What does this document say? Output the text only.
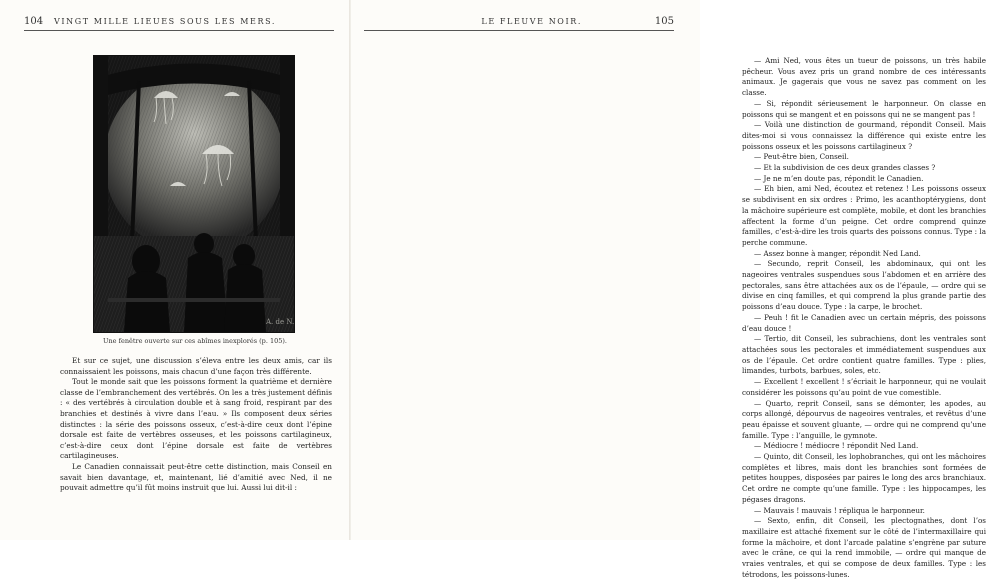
104 VINGT MILLE LIEUES SOUS LES MERS.
A. de N.
Une fenêtre ouverte sur ces abîmes inexplorés (p. 105).

Et sur ce sujet, une discussion s’éleva entre les deux amis, car ils connaissaient les poissons, mais chacun d’une façon très différente.

Tout le monde sait que les poissons forment la quatrième et dernière classe de l’embranchement des vertébrés. On les a très justement définis : « des vertébrés à circulation double et à sang froid, respirant par des branchies et destinés à vivre dans l’eau. » Ils composent deux séries distinctes : la série des poissons osseux, c’est-à-dire ceux dont l’épine dorsale est faite de vertèbres osseuses, et les poissons cartilagineux, c’est-à-dire ceux dont l’épine dorsale est faite de vertèbres cartilagineuses.

Le Canadien connaissait peut-être cette distinction, mais Conseil en savait bien davantage, et, maintenant, lié d’amitié avec Ned, il ne pouvait admettre qu’il fût moins instruit que lui. Aussi lui dit-il :

LE FLEUVE NOIR.	105

— Ami Ned, vous êtes un tueur de poissons, un très habile pêcheur. Vous avez pris un grand nombre de ces intéressants animaux. Je gagerais que vous ne savez pas comment on les classe.

— Si, répondit sérieusement le harponneur. On classe en poissons qui se mangent et en poissons qui ne se mangent pas !

— Voilà une distinction de gourmand, répondit Conseil. Mais dites-moi si vous connaissez la différence qui existe entre les poissons osseux et les poissons cartilagineux ?

— Peut-être bien, Conseil.

— Et la subdivision de ces deux grandes classes ?

— Je ne m’en doute pas, répondit le Canadien.

— Eh bien, ami Ned, écoutez et retenez ! Les poissons osseux se subdivisent en six ordres : Primo, les acanthoptérygiens, dont la mâchoire supérieure est complète, mobile, et dont les branchies affectent la forme d’un peigne. Cet ordre comprend quinze familles, c’est-à-dire les trois quarts des poissons connus. Type : la perche commune.

— Assez bonne à manger, répondit Ned Land.

— Secundo, reprit Conseil, les abdominaux, qui ont les nageoires ventrales suspendues sous l’abdomen et en arrière des pectorales, sans être attachées aux os de l’épaule, — ordre qui se divise en cinq familles, et qui comprend la plus grande partie des poissons d’eau douce. Type : la carpe, le brochet.

— Peuh ! fit le Canadien avec un certain mépris, des poissons d’eau douce !

— Tertio, dit Conseil, les subrachiens, dont les ventrales sont attachées sous les pectorales et immédiatement suspendues aux os de l’épaule. Cet ordre contient quatre familles. Type : plies, limandes, turbots, barbues, soles, etc.

— Excellent ! excellent ! s’écriait le harponneur, qui ne voulait considérer les poissons qu’au point de vue comestible.

— Quarto, reprit Conseil, sans se démonter, les apodes, au corps allongé, dépourvus de nageoires ventrales, et revêtus d’une peau épaisse et souvent gluante, — ordre qui ne comprend qu’une famille. Type : l’anguille, le gymnote.

— Médiocre ! médiocre ! répondit Ned Land.

— Quinto, dit Conseil, les lophobranches, qui ont les mâchoires complètes et libres, mais dont les branchies sont formées de petites houppes, disposées par paires le long des arcs branchiaux. Cet ordre ne compte qu’une famille. Type : les hippocampes, les pégases dragons.

— Mauvais ! mauvais ! répliqua le harponneur.

— Sexto, enfin, dit Conseil, les plectognathes, dont l’os maxillaire est attaché fixement sur le côté de l’intermaxillaire qui forme la mâchoire, et dont l’arcade palatine s’engrène par suture avec le crâne, ce qui la rend immobile, — ordre qui manque de vraies ventrales, et qui se compose de deux familles. Type : les tétrodons, les poissons-lunes.
